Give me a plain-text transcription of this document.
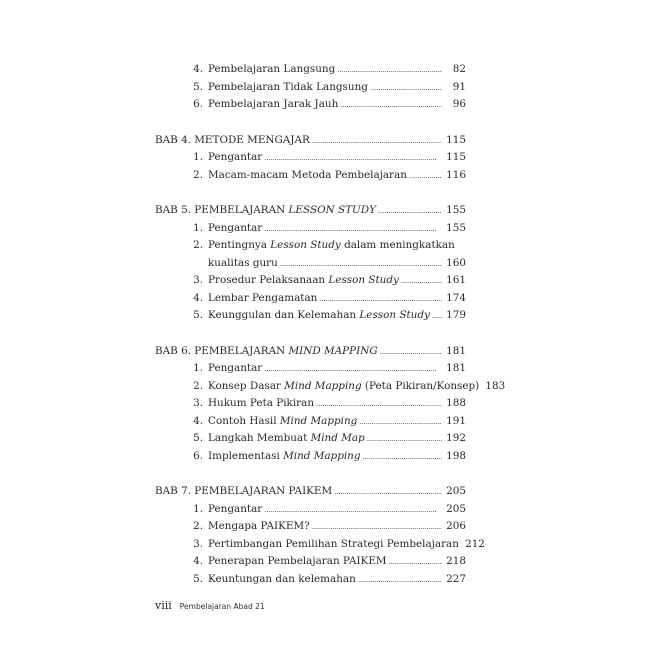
4. Pembelajaran Langsung . . .	82
5. Pembelajaran Tidak Langsung . . .	91
6. Pembelajaran Jarak Jauh . . .	96
BAB 4. METODE MENGAJAR . . .	115
1. Pengantar . . .	115
2. Macam-macam Metoda Pembelajaran . . .	116
BAB 5. PEMBELAJARAN LESSON STUDY . . .	155
1. Pengantar . . .	155
2. Pentingnya Lesson Study dalam meningkatkan
kualitas guru . . .	160
3. Prosedur Pelaksanaan Lesson Study . . .	161
4. Lembar Pengamatan . . .	174
5. Keunggulan dan Kelemahan Lesson Study . . . 179
BAB 6. PEMBELAJARAN MIND MAPPING . . .	181
1. Pengantar . . .	181
2. Konsep Dasar Mind Mapping (Peta Pikiran/Konsep) 183
3. Hukum Peta Pikiran . . .	188
4. Contoh Hasil Mind Mapping . . .	191
5. Langkah Membuat Mind Map . . .	192
6. Implementasi Mind Mapping . . .	198
BAB 7. PEMBELAJARAN PAIKEM . . .	205
1. Pengantar . . .	205
2. Mengapa PAIKEM? . . .	206
3. Pertimbangan Pemilihan Strategi Pembelajaran 212
4. Penerapan Pembelajaran PAIKEM . . .	218
5. Keuntungan dan kelemahan . . .	227
viii Pembelajaran Abad 21
